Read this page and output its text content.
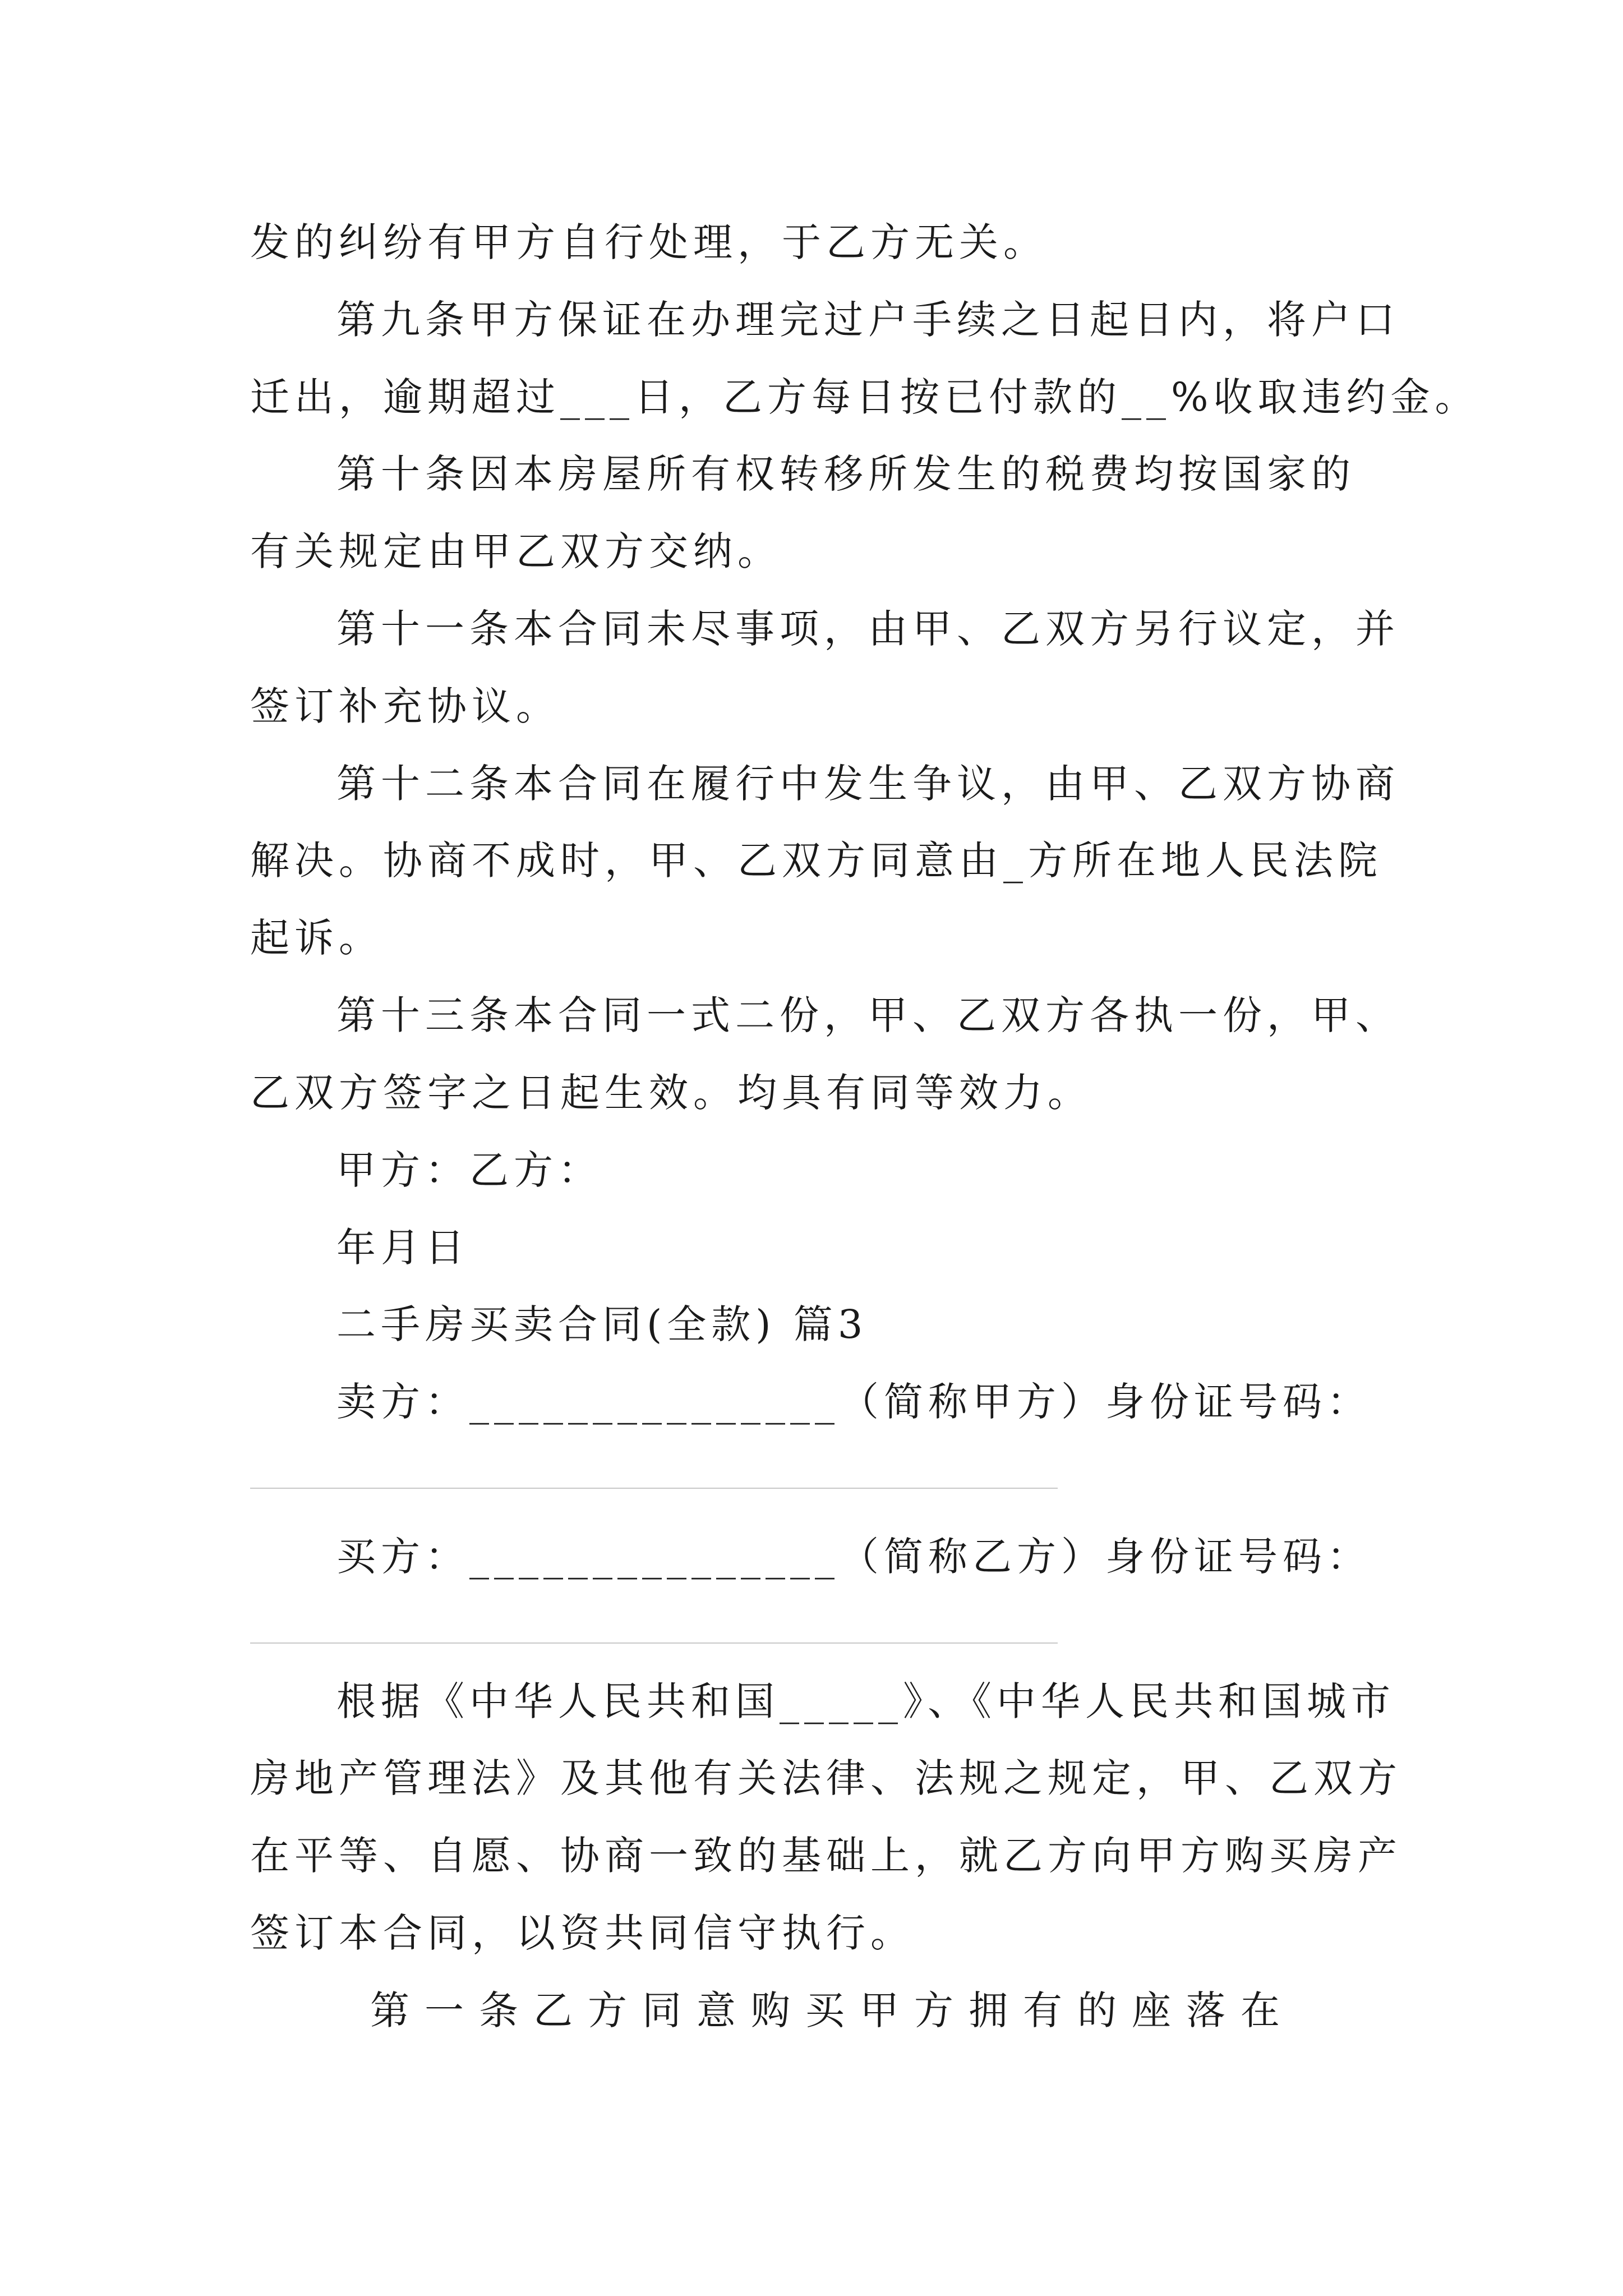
发的纠纷有甲方自行处理，于乙方无关。
第九条甲方保证在办理完过户手续之日起日内，将户口
迁出，逾期超过___日，乙方每日按已付款的__%收取违约金。
第十条因本房屋所有权转移所发生的税费均按国家的
有关规定由甲乙双方交纳。
第十一条本合同未尽事项，由甲、乙双方另行议定，并
签订补充协议。
第十二条本合同在履行中发生争议，由甲、乙双方协商
解决。协商不成时，甲、乙双方同意由_方所在地人民法院
起诉。
第十三条本合同一式二份，甲、乙双方各执一份，甲、
乙双方签字之日起生效。均具有同等效力。
甲方：乙方：
年月日
二手房买卖合同(全款) 篇3
卖方：_______________（简称甲方）身份证号码：
买方：_______________（简称乙方）身份证号码：
根据《中华人民共和国_____》、《中华人民共和国城市
房地产管理法》及其他有关法律、法规之规定，甲、乙双方
在平等、自愿、协商一致的基础上，就乙方向甲方购买房产
签订本合同，以资共同信守执行。
第一条乙方同意购买甲方拥有的座落在
